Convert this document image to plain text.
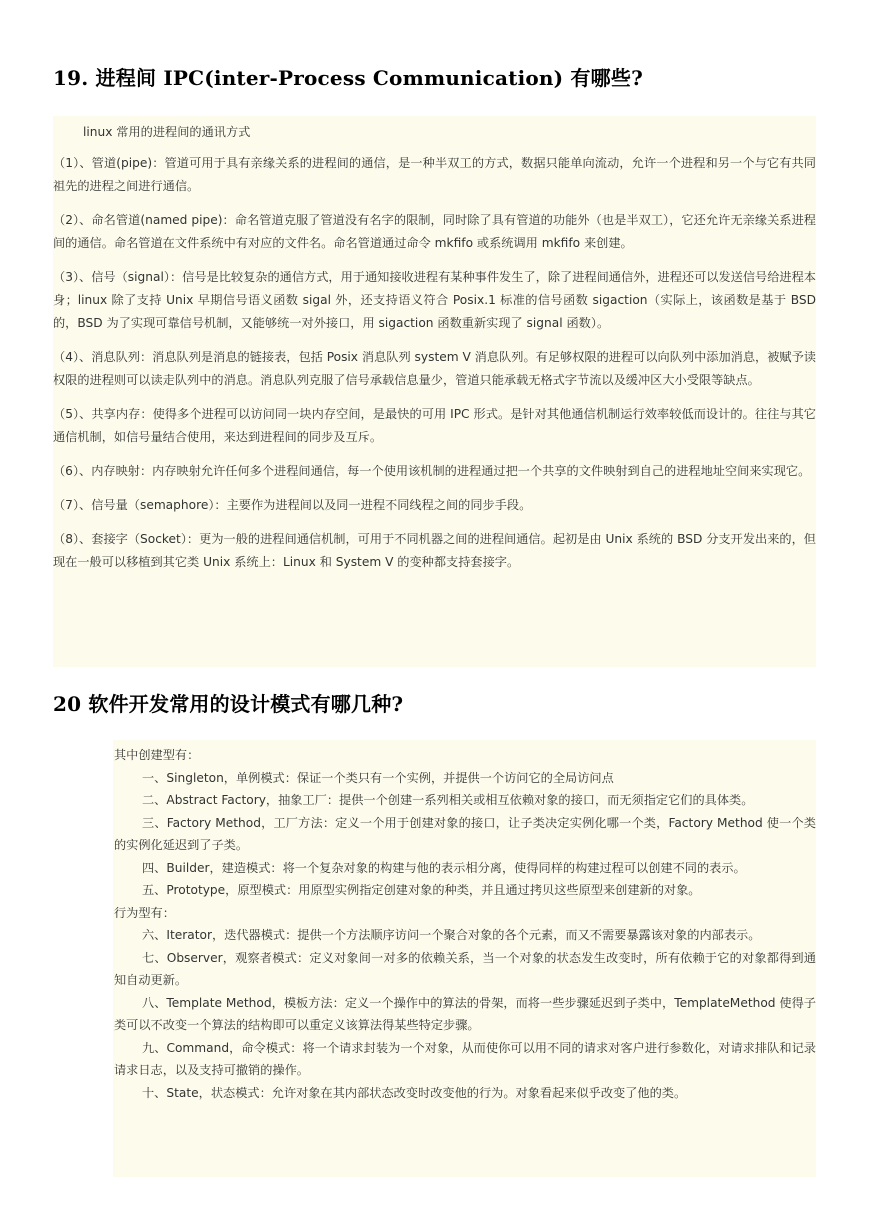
19. 进程间 IPC(inter-Process Communication) 有哪些?

linux 常用的进程间的通讯方式

（1）、管道(pipe)：管道可用于具有亲缘关系的进程间的通信，是一种半双工的方式，数据只能单向流动，允许一个进程和另一个与它有共同祖先的进程之间进行通信。

（2）、命名管道(named pipe)：命名管道克服了管道没有名字的限制，同时除了具有管道的功能外（也是半双工），它还允许无亲缘关系进程间的通信。命名管道在文件系统中有对应的文件名。命名管道通过命令 mkfifo 或系统调用 mkfifo 来创建。

（3）、信号（signal）：信号是比较复杂的通信方式，用于通知接收进程有某种事件发生了，除了进程间通信外，进程还可以发送信号给进程本身；linux 除了支持 Unix 早期信号语义函数 sigal 外，还支持语义符合 Posix.1 标准的信号函数 sigaction（实际上，该函数是基于 BSD 的，BSD 为了实现可靠信号机制，又能够统一对外接口，用 sigaction 函数重新实现了 signal 函数）。

（4）、消息队列：消息队列是消息的链接表，包括 Posix 消息队列 system V 消息队列。有足够权限的进程可以向队列中添加消息，被赋予读权限的进程则可以读走队列中的消息。消息队列克服了信号承载信息量少，管道只能承载无格式字节流以及缓冲区大小受限等缺点。

（5）、共享内存：使得多个进程可以访问同一块内存空间，是最快的可用 IPC 形式。是针对其他通信机制运行效率较低而设计的。往往与其它通信机制，如信号量结合使用，来达到进程间的同步及互斥。

（6）、内存映射：内存映射允许任何多个进程间通信，每一个使用该机制的进程通过把一个共享的文件映射到自己的进程地址空间来实现它。

（7）、信号量（semaphore）：主要作为进程间以及同一进程不同线程之间的同步手段。

（8）、套接字（Socket）：更为一般的进程间通信机制，可用于不同机器之间的进程间通信。起初是由 Unix 系统的 BSD 分支开发出来的，但现在一般可以移植到其它类 Unix 系统上：Linux 和 System V 的变种都支持套接字。

20 软件开发常用的设计模式有哪几种?

其中创建型有：

一、Singleton，单例模式：保证一个类只有一个实例，并提供一个访问它的全局访问点

二、Abstract Factory，抽象工厂：提供一个创建一系列相关或相互依赖对象的接口，而无须指定它们的具体类。

三、Factory Method，工厂方法：定义一个用于创建对象的接口，让子类决定实例化哪一个类，Factory Method 使一个类的实例化延迟到了子类。

四、Builder，建造模式：将一个复杂对象的构建与他的表示相分离，使得同样的构建过程可以创建不同的表示。

五、Prototype，原型模式：用原型实例指定创建对象的种类，并且通过拷贝这些原型来创建新的对象。

行为型有：

六、Iterator，迭代器模式：提供一个方法顺序访问一个聚合对象的各个元素，而又不需要暴露该对象的内部表示。

七、Observer，观察者模式：定义对象间一对多的依赖关系，当一个对象的状态发生改变时，所有依赖于它的对象都得到通知自动更新。

八、Template Method，模板方法：定义一个操作中的算法的骨架，而将一些步骤延迟到子类中，TemplateMethod 使得子类可以不改变一个算法的结构即可以重定义该算法得某些特定步骤。

九、Command，命令模式：将一个请求封装为一个对象，从而使你可以用不同的请求对客户进行参数化，对请求排队和记录请求日志，以及支持可撤销的操作。

十、State，状态模式：允许对象在其内部状态改变时改变他的行为。对象看起来似乎改变了他的类。
